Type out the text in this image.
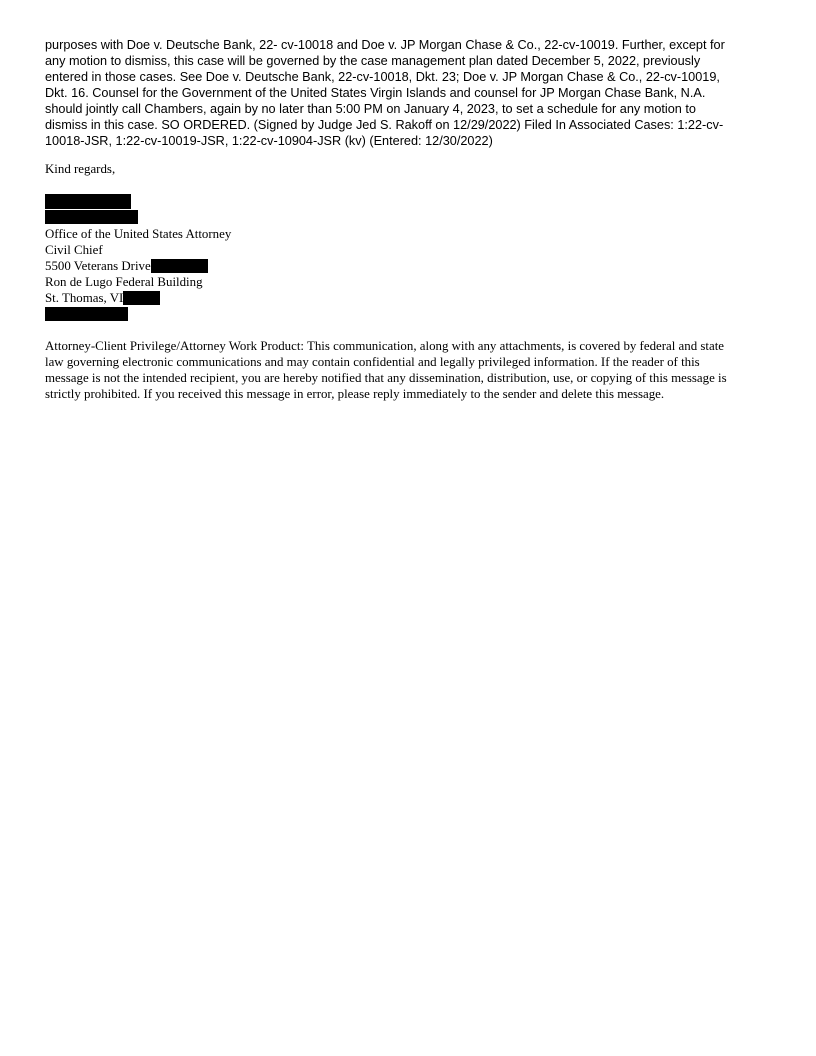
purposes with Doe v. Deutsche Bank, 22- cv-10018 and Doe v. JP Morgan Chase & Co., 22-cv-10019. Further, except for
any motion to dismiss, this case will be governed by the case management plan dated December 5, 2022, previously
entered in those cases. See Doe v. Deutsche Bank, 22-cv-10018, Dkt. 23; Doe v. JP Morgan Chase & Co., 22-cv-10019,
Dkt. 16. Counsel for the Government of the United States Virgin Islands and counsel for JP Morgan Chase Bank, N.A.
should jointly call Chambers, again by no later than 5:00 PM on January 4, 2023, to set a schedule for any motion to
dismiss in this case. SO ORDERED. (Signed by Judge Jed S. Rakoff on 12/29/2022) Filed In Associated Cases: 1:22-cv-
10018-JSR, 1:22-cv-10019-JSR, 1:22-cv-10904-JSR (kv) (Entered: 12/30/2022)

Kind regards,

Office of the United States Attorney
Civil Chief
5500 Veterans Drive
Ron de Lugo Federal Building
St. Thomas, VI

Attorney-Client Privilege/Attorney Work Product: This communication, along with any attachments, is covered by federal and state
law governing electronic communications and may contain confidential and legally privileged information. If the reader of this
message is not the intended recipient, you are hereby notified that any dissemination, distribution, use, or copying of this message is
strictly prohibited. If you received this message in error, please reply immediately to the sender and delete this message.
